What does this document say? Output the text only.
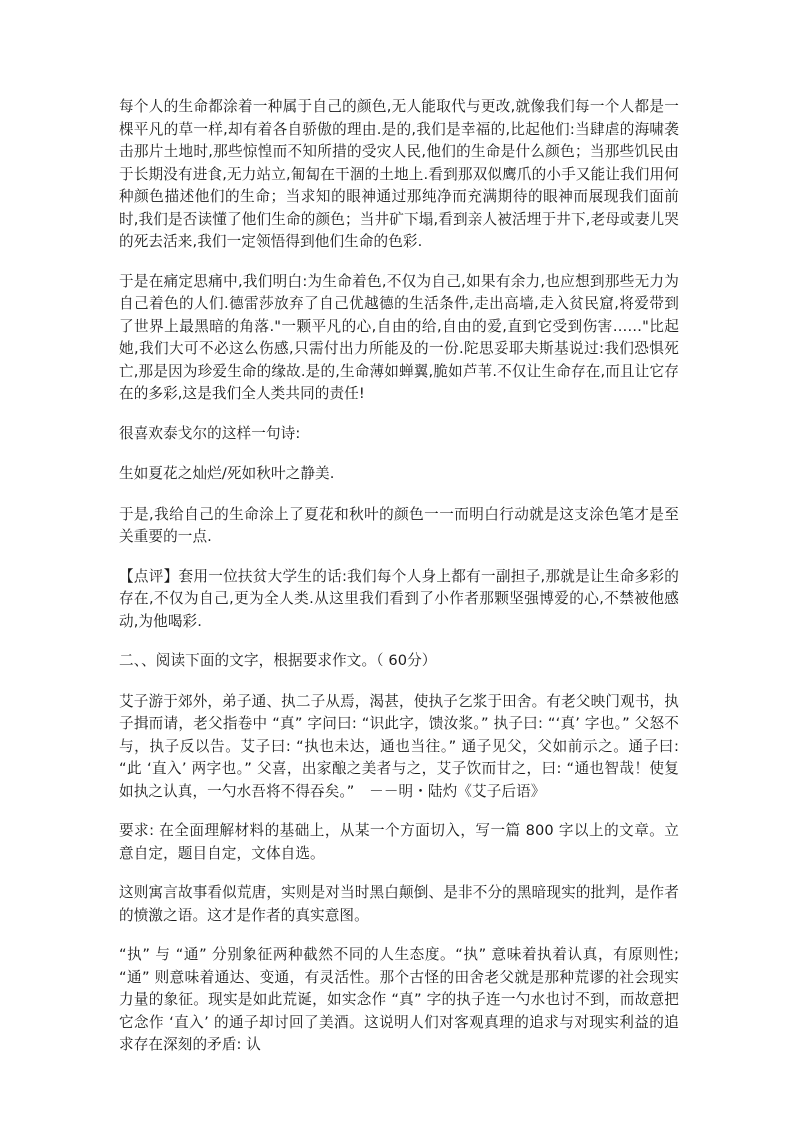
每个人的生命都涂着一种属于自己的颜色,无人能取代与更改,就像我们每一个人都是一棵平凡的草一样,却有着各自骄傲的理由.是的,我们是幸福的,比起他们:当肆虐的海啸袭击那片土地时,那些惊惶而不知所措的受灾人民,他们的生命是什么颜色；当那些饥民由于长期没有进食,无力站立,匍匐在干涸的土地上.看到那双似鹰爪的小手又能让我们用何种颜色描述他们的生命；当求知的眼神通过那纯净而充满期待的眼神而展现我们面前时,我们是否读懂了他们生命的颜色；当井矿下塌,看到亲人被活埋于井下,老母或妻儿哭的死去活来,我们一定领悟得到他们生命的色彩.

于是在痛定思痛中,我们明白:为生命着色,不仅为自己,如果有余力,也应想到那些无力为自己着色的人们.德雷莎放弃了自己优越德的生活条件,走出高墙,走入贫民窟,将爱带到了世界上最黑暗的角落."一颗平凡的心,自由的给,自由的爱,直到它受到伤害……"比起她,我们大可不必这么伤感,只需付出力所能及的一份.陀思妥耶夫斯基说过:我们恐惧死亡,那是因为珍爱生命的缘故.是的,生命薄如蝉翼,脆如芦苇.不仅让生命存在,而且让它存在的多彩,这是我们全人类共同的责任!

很喜欢泰戈尔的这样一句诗:

生如夏花之灿烂/死如秋叶之静美.

于是,我给自己的生命涂上了夏花和秋叶的颜色一一而明白行动就是这支涂色笔才是至关重要的一点.

【点评】套用一位扶贫大学生的话:我们每个人身上都有一副担子,那就是让生命多彩的存在,不仅为自己,更为全人类.从这里我们看到了小作者那颗坚强博爱的心,不禁被他感动,为他喝彩.

二、、阅读下面的文字，根据要求作文。（ 60分）

艾子游于郊外，弟子通、执二子从焉，渴甚，使执子乞浆于田舍。有老父映门观书，执子揖而请，老父指卷中 “真” 字问曰: “识此字，馈汝浆。” 执子曰: “‘真’ 字也。” 父怒不与，执子反以告。艾子曰: “执也未达，通也当往。” 通子见父，父如前示之。通子曰: “此 ‘直入’ 两字也。” 父喜，出家酿之美者与之，艾子饮而甘之，曰: “通也智哉！使复如执之认真，一勺水吾将不得吞矣。”　－－明・陆灼《艾子后语》

要求: 在全面理解材料的基础上，从某一个方面切入，写一篇 800 字以上的文章。立意自定，题目自定，文体自选。

这则寓言故事看似荒唐，实则是对当时黑白颠倒、是非不分的黑暗现实的批判，是作者的愤激之语。这才是作者的真实意图。

“执” 与 “通” 分别象征两种截然不同的人生态度。“执” 意味着执着认真，有原则性; “通” 则意味着通达、变通，有灵活性。那个古怪的田舍老父就是那种荒谬的社会现实力量的象征。现实是如此荒诞，如实念作 “真” 字的执子连一勺水也讨不到，而故意把它念作 ‘直入’ 的通子却讨回了美酒。这说明人们对客观真理的追求与对现实利益的追求存在深刻的矛盾: 认
